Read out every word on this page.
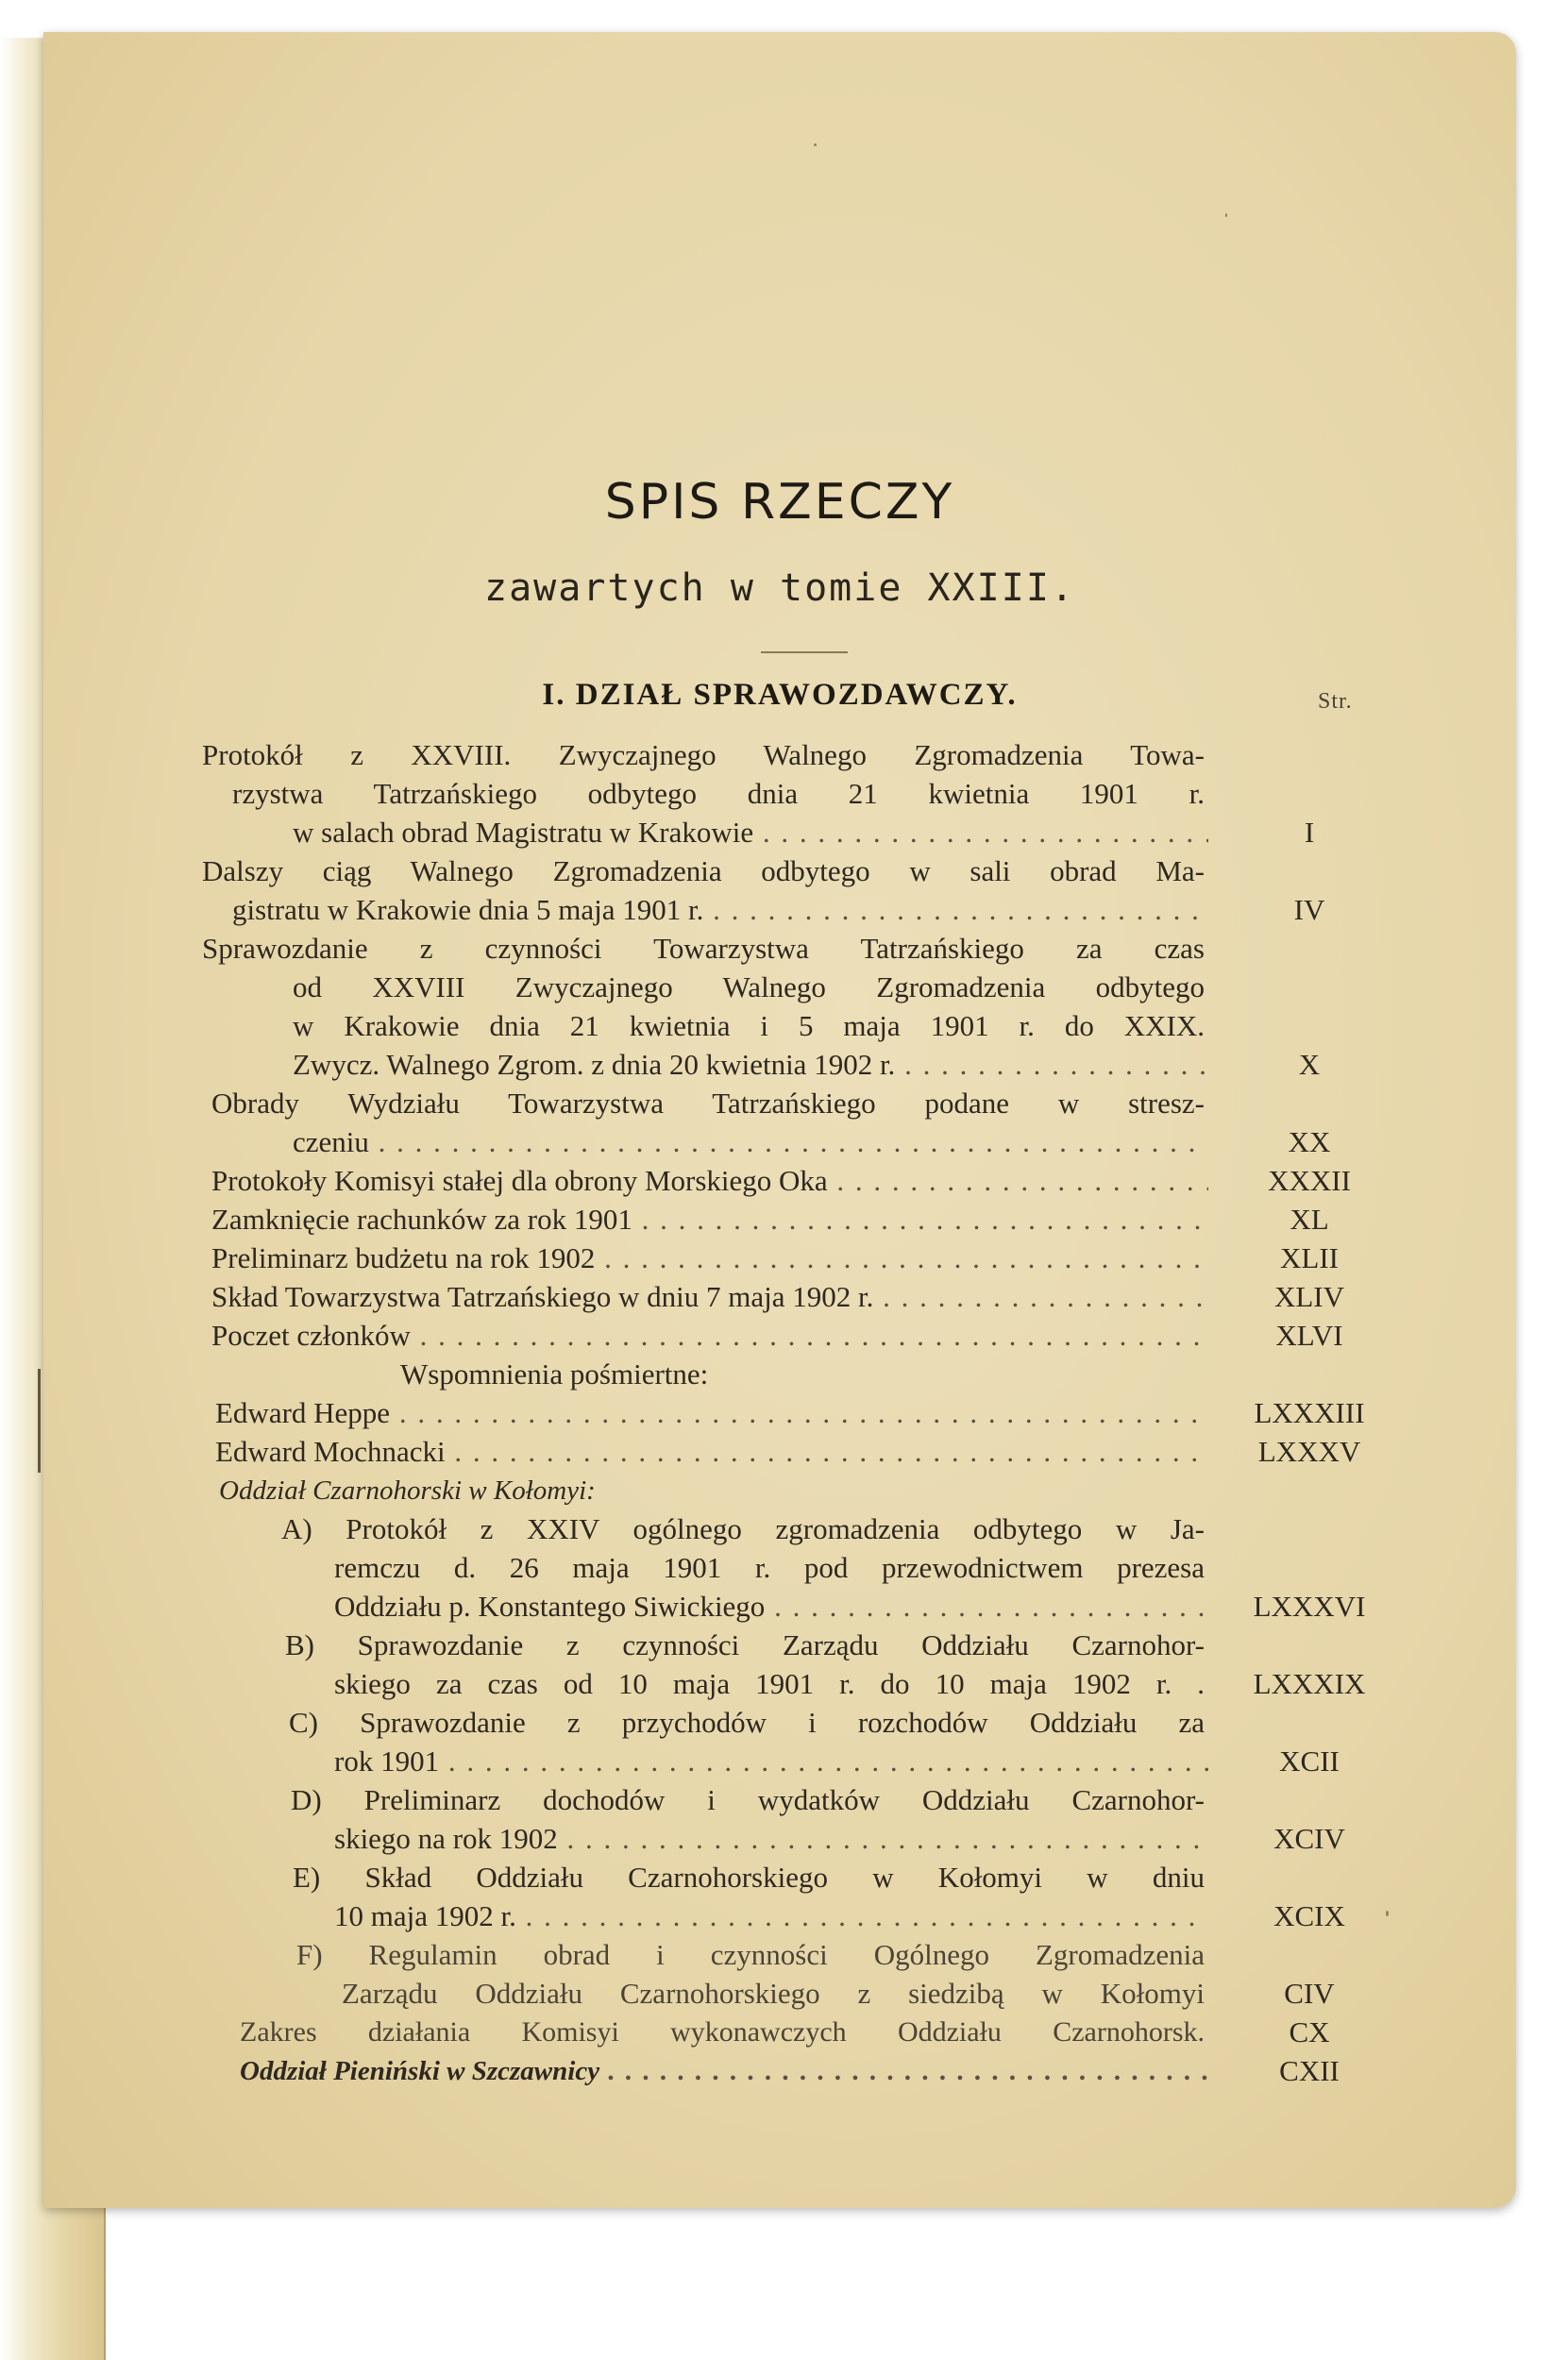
SPIS RZECZY
zawartych w tomie XXIII.
I. DZIAŁ SPRAWOZDAWCZY.	Str.
Protokół z XXVIII. Zwyczajnego Walnego Zgromadzenia Towa-
rzystwa Tatrzańskiego odbytego dnia 21 kwietnia 1901 r.
w salach obrad Magistratu w Krakowie . . .	I
Dalszy ciąg Walnego Zgromadzenia odbytego w sali obrad Ma-
gistratu w Krakowie dnia 5 maja 1901 r. . . .	IV
Sprawozdanie z czynności Towarzystwa Tatrzańskiego za czas
od XXVIII Zwyczajnego Walnego Zgromadzenia odbytego
w Krakowie dnia 21 kwietnia i 5 maja 1901 r. do XXIX.
Zwycz. Walnego Zgrom. z dnia 20 kwietnia 1902 r. . . .	X
Obrady Wydziału Towarzystwa Tatrzańskiego podane w stresz-
czeniu . . .	XX
Protokoły Komisyi stałej dla obrony Morskiego Oka . . .	XXXII
Zamknięcie rachunków za rok 1901 . . .	XL
Preliminarz budżetu na rok 1902 . . .	XLII
Skład Towarzystwa Tatrzańskiego w dniu 7 maja 1902 r. . . .	XLIV
Poczet członków . . .	XLVI
Wspomnienia pośmiertne:
Edward Heppe . . .	LXXXIII
Edward Mochnacki . . .	LXXXV
Oddział Czarnohorski w Kołomyi:
A) Protokół z XXIV ogólnego zgromadzenia odbytego w Ja-
remczu d. 26 maja 1901 r. pod przewodnictwem prezesa
Oddziału p. Konstantego Siwickiego . . .	LXXXVI
B) Sprawozdanie z czynności Zarządu Oddziału Czarnohor-
skiego za czas od 10 maja 1901 r. do 10 maja 1902 r. .	LXXXIX
C) Sprawozdanie z przychodów i rozchodów Oddziału za
rok 1901 . . .	XCII
D) Preliminarz dochodów i wydatków Oddziału Czarnohor-
skiego na rok 1902 . . .	XCIV
E) Skład Oddziału Czarnohorskiego w Kołomyi w dniu
10 maja 1902 r. . . .	XCIX
F) Regulamin obrad i czynności Ogólnego Zgromadzenia
Zarządu Oddziału Czarnohorskiego z siedzibą w Kołomyi	CIV
Zakres działania Komisyi wykonawczych Oddziału Czarnohorsk.	CX
Oddział Pieniński w Szczawnicy . . .	CXII
